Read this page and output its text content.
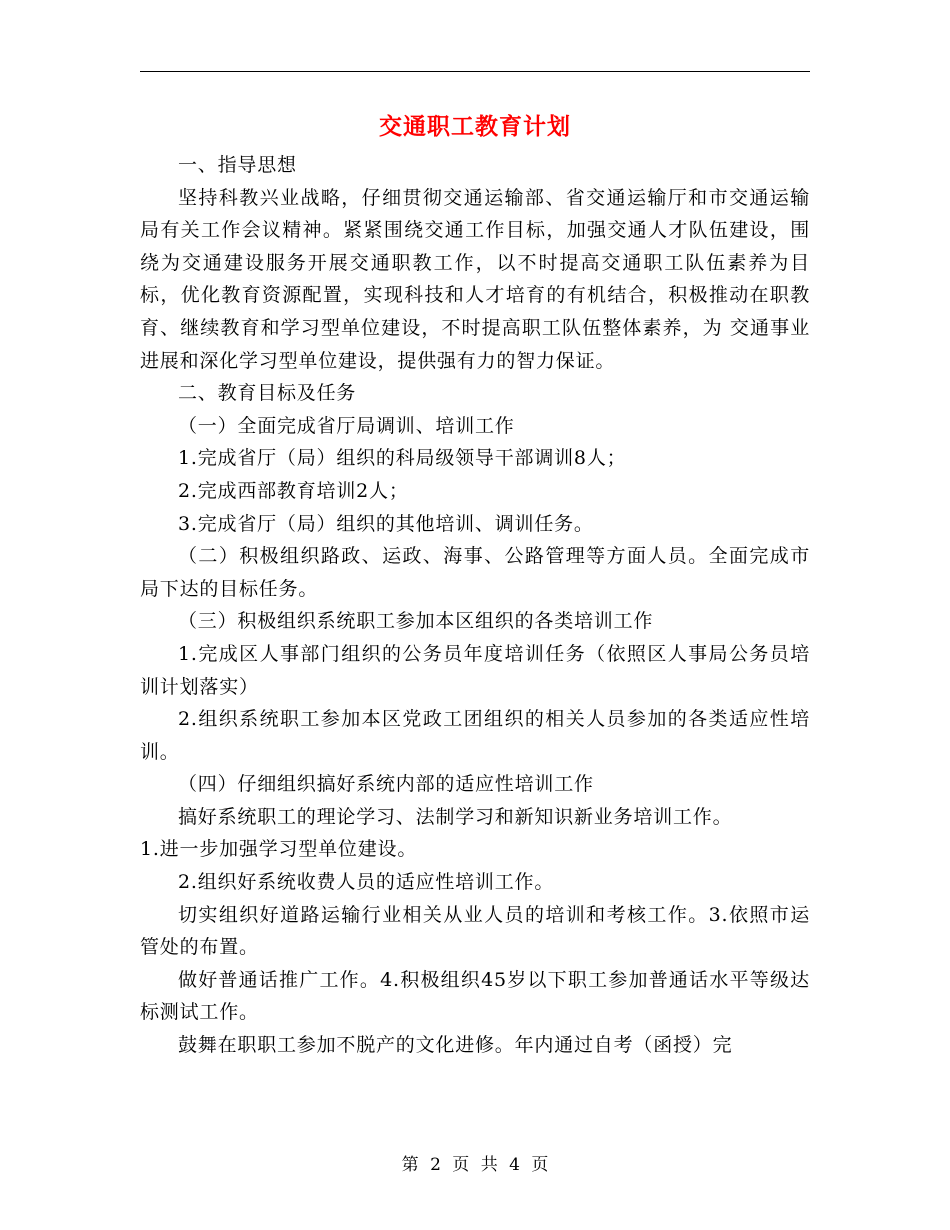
交通职工教育计划

一、指导思想

坚持科教兴业战略，仔细贯彻交通运输部、省交通运输厅和市交通运输局有关工作会议精神。紧紧围绕交通工作目标，加强交通人才队伍建设，围绕为交通建设服务开展交通职教工作，以不时提高交通职工队伍素养为目标，优化教育资源配置，实现科技和人才培育的有机结合，积极推动在职教育、继续教育和学习型单位建设，不时提高职工队伍整体素养，为 交通事业进展和深化学习型单位建设，提供强有力的智力保证。

二、教育目标及任务

（一）全面完成省厅局调训、培训工作

1.完成省厅（局）组织的科局级领导干部调训8人；

2.完成西部教育培训2人；

3.完成省厅（局）组织的其他培训、调训任务。

（二）积极组织路政、运政、海事、公路管理等方面人员。全面完成市局下达的目标任务。

（三）积极组织系统职工参加本区组织的各类培训工作

1.完成区人事部门组织的公务员年度培训任务（依照区人事局公务员培训计划落实）

2.组织系统职工参加本区党政工团组织的相关人员参加的各类适应性培训。

（四）仔细组织搞好系统内部的适应性培训工作

搞好系统职工的理论学习、法制学习和新知识新业务培训工作。

1.进一步加强学习型单位建设。

2.组织好系统收费人员的适应性培训工作。

切实组织好道路运输行业相关从业人员的培训和考核工作。3.依照市运管处的布置。

做好普通话推广工作。4.积极组织45岁以下职工参加普通话水平等级达标测试工作。

鼓舞在职职工参加不脱产的文化进修。年内通过自考（函授）完

第 2 页 共 4 页
